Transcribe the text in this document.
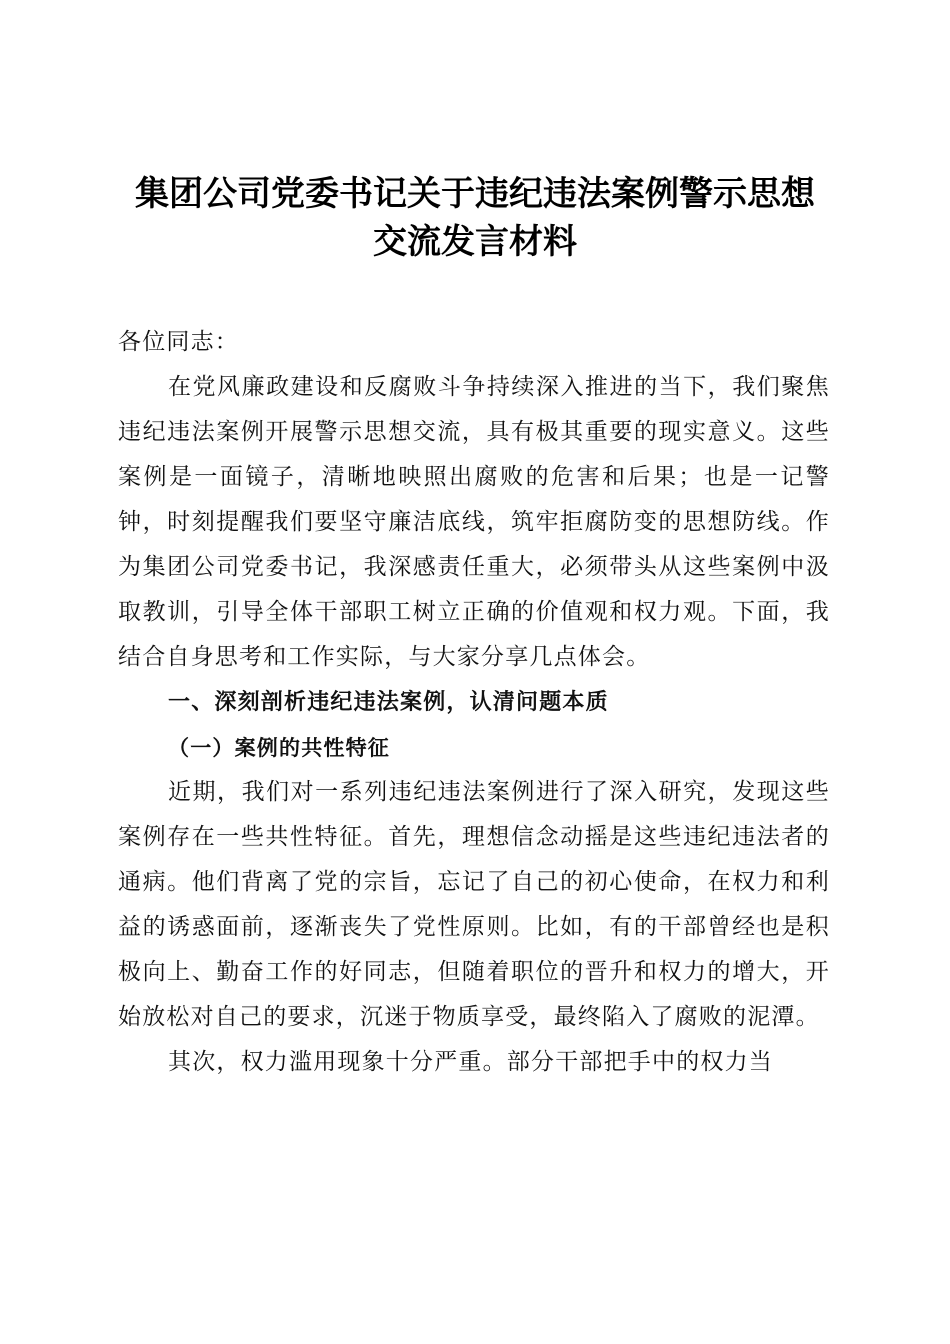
集团公司党委书记关于违纪违法案例警示思想
交流发言材料

各位同志：

在党风廉政建设和反腐败斗争持续深入推进的当下，我们聚焦违纪违法案例开展警示思想交流，具有极其重要的现实意义。这些案例是一面镜子，清晰地映照出腐败的危害和后果；也是一记警钟，时刻提醒我们要坚守廉洁底线，筑牢拒腐防变的思想防线。作为集团公司党委书记，我深感责任重大，必须带头从这些案例中汲取教训，引导全体干部职工树立正确的价值观和权力观。下面，我结合自身思考和工作实际，与大家分享几点体会。

一、深刻剖析违纪违法案例，认清问题本质

（一）案例的共性特征

近期，我们对一系列违纪违法案例进行了深入研究，发现这些案例存在一些共性特征。首先，理想信念动摇是这些违纪违法者的通病。他们背离了党的宗旨，忘记了自己的初心使命，在权力和利益的诱惑面前，逐渐丧失了党性原则。比如，有的干部曾经也是积极向上、勤奋工作的好同志，但随着职位的晋升和权力的增大，开始放松对自己的要求，沉迷于物质享受，最终陷入了腐败的泥潭。

其次，权力滥用现象十分严重。部分干部把手中的权力当
